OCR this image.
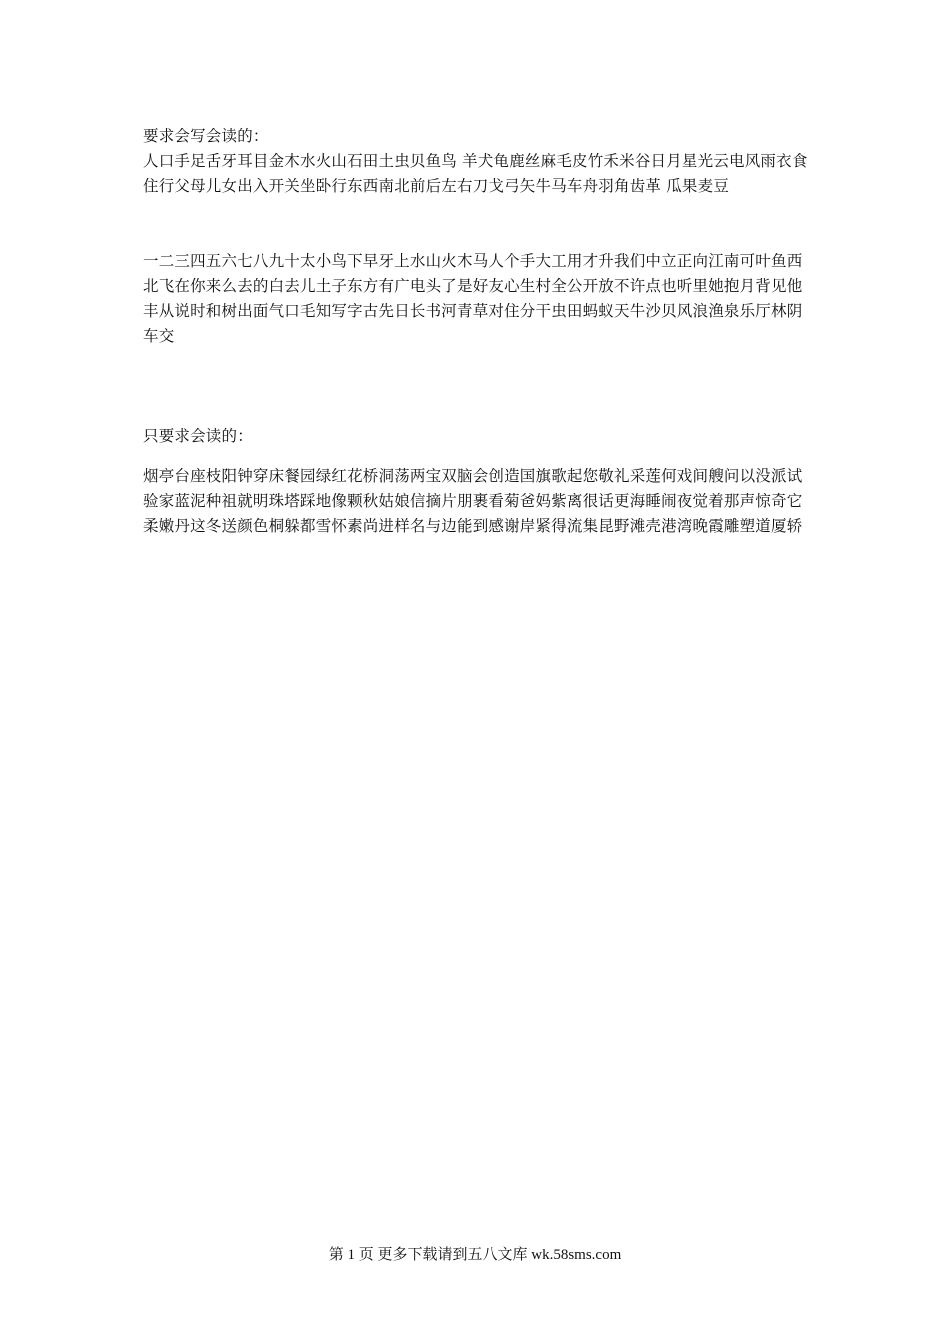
要求会写会读的：

人口手足舌牙耳目金木水火山石田土虫贝鱼鸟 羊犬龟鹿丝麻毛皮竹禾米谷日月星光云电风雨衣食住行父母儿女出入开关坐卧行东西南北前后左右刀戈弓矢牛马车舟羽角齿革 瓜果麦豆

一二三四五六七八九十太小鸟下早牙上水山火木马人个手大工用才升我们中立正向江南可叶鱼西北飞在你来么去的白去儿土子东方有广电头了是好友心生村全公开放不许点也听里她抱月背见他丰从说时和树出面气口毛知写字古先日长书河青草对住分干虫田蚂蚁天牛沙贝风浪渔泉乐厅林阴车交

只要求会读的：

烟亭台座枝阳钟穿床餐园绿红花桥洞荡两宝双脑会创造国旗歌起您敬礼采莲何戏间艘问以没派试验家蓝泥种祖就明珠塔踩地像颗秋姑娘信摘片朋裹看菊爸妈紫离很话更海睡闹夜觉着那声惊奇它柔嫩丹这冬送颜色桐躲都雪怀素尚进样名与边能到感谢岸紧得流集昆野滩壳港湾晚霞雕塑道厦轿

第 1 页 更多下载请到五八文库 wk.58sms.com
